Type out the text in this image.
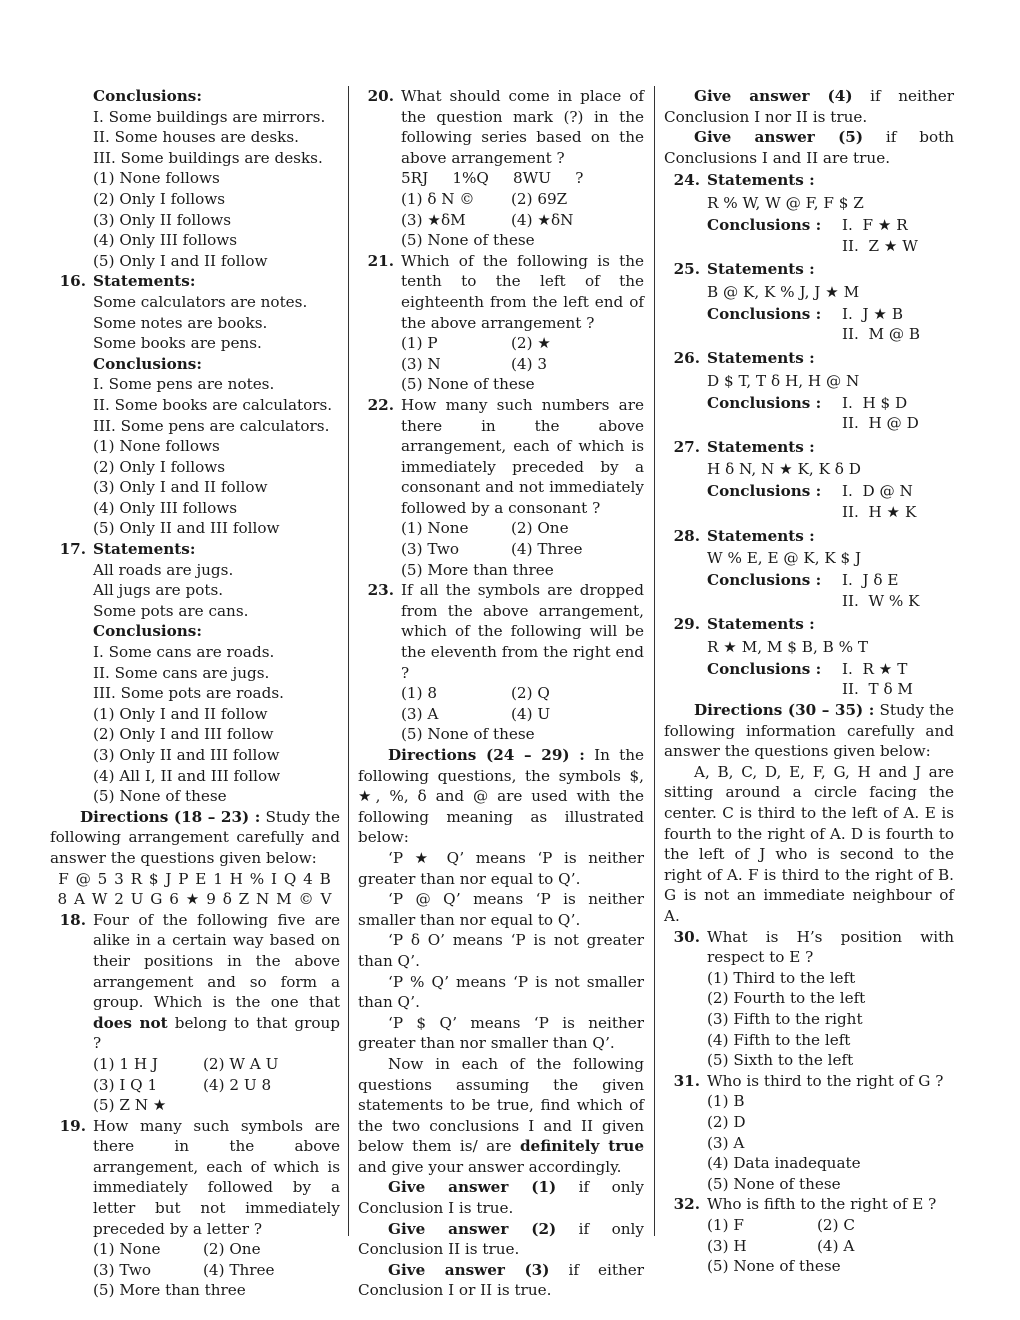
Conclusions:
I. Some buildings are mirrors.
II. Some houses are desks.
III. Some buildings are desks.
(1) None follows
(2) Only I follows
(3) Only II follows
(4) Only III follows
(5) Only I and II follow
16. Statements:
Some calculators are notes.
Some notes are books.
Some books are pens.
Conclusions:
I. Some pens are notes.
II. Some books are calculators.
III. Some pens are calculators.
(1) None follows
(2) Only I follows
(3) Only I and II follow
(4) Only III follows
(5) Only II and III follow
17. Statements:
All roads are jugs.
All jugs are pots.
Some pots are cans.
Conclusions:
I. Some cans are roads.
II. Some cans are jugs.
III. Some pots are roads.
(1) Only I and II follow
(2) Only I and III follow
(3) Only II and III follow
(4) All I, II and III follow
(5) None of these
Directions (18 – 23) : Study the following arrangement carefully and answer the questions given below:
F @ 5 3 R $ J P E 1 H % I Q 4 B
8 A W 2 U G 6 ★ 9 δ Z N M © V
18. Four of the following five are alike in a certain way based on their positions in the above arrangement and so form a group. Which is the one that does not belong to that group ?
(1) 1 H J	(2) W A U
(3) I Q 1	(4) 2 U 8
(5) Z N ★
19. How many such symbols are there in the above arrangement, each of which is immediately followed by a letter but not immediately preceded by a letter ?
(1) None	(2) One
(3) Two	(4) Three
(5) More than three
20. What should come in place of the question mark (?) in the following series based on the above arrangement ?
5RJ     1%Q     8WU     ?
(1) δ N ©	(2) 69Z
(3) ★δM	(4) ★δN
(5) None of these
21. Which of the following is the tenth to the left of the eighteenth from the left end of the above arrangement ?
(1) P	(2) ★
(3) N	(4) 3
(5) None of these
22. How many such numbers are there in the above arrangement, each of which is immediately preceded by a consonant and not immediately followed by a consonant ?
(1) None	(2) One
(3) Two	(4) Three
(5) More than three
23. If all the symbols are dropped from the above arrangement, which of the following will be the eleventh from the right end ?
(1) 8	(2) Q
(3) A	(4) U
(5) None of these
Directions (24 – 29) : In the following questions, the symbols $, ★, %, δ and @ are used with the following meaning as illustrated below:
‘P ★ Q’ means ‘P is neither greater than nor equal to Q’.
‘P @ Q’ means ‘P is neither smaller than nor equal to Q’.
‘P δ O’ means ‘P is not greater than Q’.
‘P % Q’ means ‘P is not smaller than Q’.
‘P $ Q’ means ‘P is neither greater than nor smaller than Q’.
Now in each of the following questions assuming the given statements to be true, find which of the two conclusions I and II given below them is/ are definitely true and give your answer accordingly.
Give answer (1) if only Conclusion I is true.
Give answer (2) if only Conclusion II is true.
Give answer (3) if either Conclusion I or II is true.
Give answer (4) if neither Conclusion I nor II is true.
Give answer (5) if both Conclusions I and II are true.
24. Statements :
R % W, W @ F, F $ Z
Conclusions :	I.  F ★ R
II.  Z ★ W
25. Statements :
B @ K, K % J, J ★ M
Conclusions :	I.  J ★ B
II.  M @ B
26. Statements :
D $ T, T δ H, H @ N
Conclusions :	I.  H $ D
II.  H @ D
27. Statements :
H δ N, N ★ K, K δ D
Conclusions :	I.  D @ N
II.  H ★ K
28. Statements :
W % E, E @ K, K $ J
Conclusions :	I.  J δ E
II.  W % K
29. Statements :
R ★ M, M $ B, B % T
Conclusions :	I.  R ★ T
II.  T δ M
Directions (30 – 35) : Study the following information carefully and answer the questions given below:
A, B, C, D, E, F, G, H and J are sitting around a circle facing the center. C is third to the left of A. E is fourth to the right of A. D is fourth to the left of J who is second to the right of A. F is third to the right of B. G is not an immediate neighbour of A.
30. What is H’s position with respect to E ?
(1) Third to the left
(2) Fourth to the left
(3) Fifth to the right
(4) Fifth to the left
(5) Sixth to the left
31. Who is third to the right of G ?
(1) B
(2) D
(3) A
(4) Data inadequate
(5) None of these
32. Who is fifth to the right of E ?
(1) F	(2) C
(3) H	(4) A
(5) None of these
